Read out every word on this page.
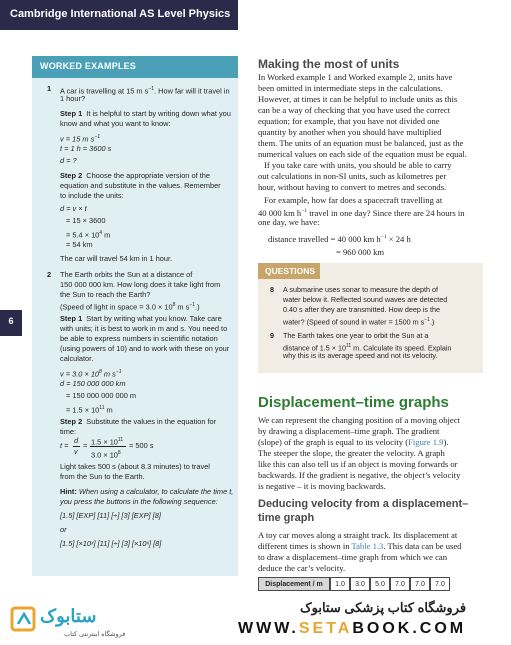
Cambridge International AS Level Physics
6
WORKED EXAMPLES
1 A car is travelling at 15 m $s^{-1}$. How far will it travel in
1 hour?
Step 1 It is helpful to start by writing down what you
know and what you want to know:
v = 15 m $s^{-1}$
t = 1 h = 3600 s
d = ?
Step 2 Choose the appropriate version of the
equation and substitute in the values. Remember
to include the units:
d = v × t
= 15 × 3600
= $5.4 \times 10^4$ m
= 54 km
The car will travel 54 km in 1 hour.
2 The Earth orbits the Sun at a distance of
150 000 000 km. How long does it take light from
the Sun to reach the Earth?
(Speed of light in space = $3.0 \times 10^8$ m $s^{-1}$.)
Step 1 Start by writing what you know. Take care
with units; it is best to work in m and s. You need to
be able to express numbers in scientific notation
(using powers of 10) and to work with these on your
calculator.
$v = 3.0 \times 10^8$ m $s^{-1}$
d = 150 000 000 km
= 150 000 000 000 m
= $1.5 \times 10^{11}$ m
Step 2 Substitute the values in the equation for
time:
t =
d
v
= $1.5 \times 10^{11}$
$3.0 \times 10^8$
= 500 s
Light takes 500 s (about 8.3 minutes) to travel
from the Sun to the Earth.
Hint: When using a calculator, to calculate the time t,
you press the buttons in the following sequence:
[1.5] [EXP] [11] [÷] [3] [EXP] [8]
or
[1.5] [×10ˣ] [11] [÷] [3] [×10ˣ] [8]
Making the most of units
In Worked example 1 and Worked example 2, units have
been omitted in intermediate steps in the calculations.
However, at times it can be helpful to include units as this
can be a way of checking that you have used the correct
equation; for example, that you have not divided one
quantity by another when you should have multiplied
them. The units of an equation must be balanced, just as the
numerical values on each side of the equation must be equal.
If you take care with units, you should be able to carry
out calculations in non-SI units, such as kilometres per
hour, without having to convert to metres and seconds.
For example, how far does a spacecraft travelling at
40 000 km $h^{-1}$ travel in one day? Since there are 24 hours in
one day, we have:
distance travelled = 40 000 km $h^{-1} \times 24$ h
= 960 000 km
QUESTIONS
8 A submarine uses sonar to measure the depth of
water below it. Reflected sound waves are detected
0.40 s after they are transmitted. How deep is the
water? (Speed of sound in water = 1500 m $s^{-1}$.)
9 The Earth takes one year to orbit the Sun at a
distance of $1.5 \times 10^{11}$ m. Calculate its speed. Explain
why this is its average speed and not its velocity.
Displacement–time graphs
We can represent the changing position of a moving object
by drawing a displacement–time graph. The gradient
(slope) of the graph is equal to its velocity (Figure 1.9).
The steeper the slope, the greater the velocity. A graph
like this can also tell us if an object is moving forwards or
backwards. If the gradient is negative, the object’s velocity
is negative – it is moving backwards.
Deducing velocity from a displacement–
time graph
A toy car moves along a straight track. Its displacement at
different times is shown in Table 1.3. This data can be used
to draw a displacement–time graph from which we can
deduce the car’s velocity.
Displacement / m	1.0	3.0	5.0	7.0	7.0	7.0
ستابوک
فروشگاه اینترنتی کتاب
فروشگاه کتاب پزشکی ستابوک
WWW.SETABOOK.COM
